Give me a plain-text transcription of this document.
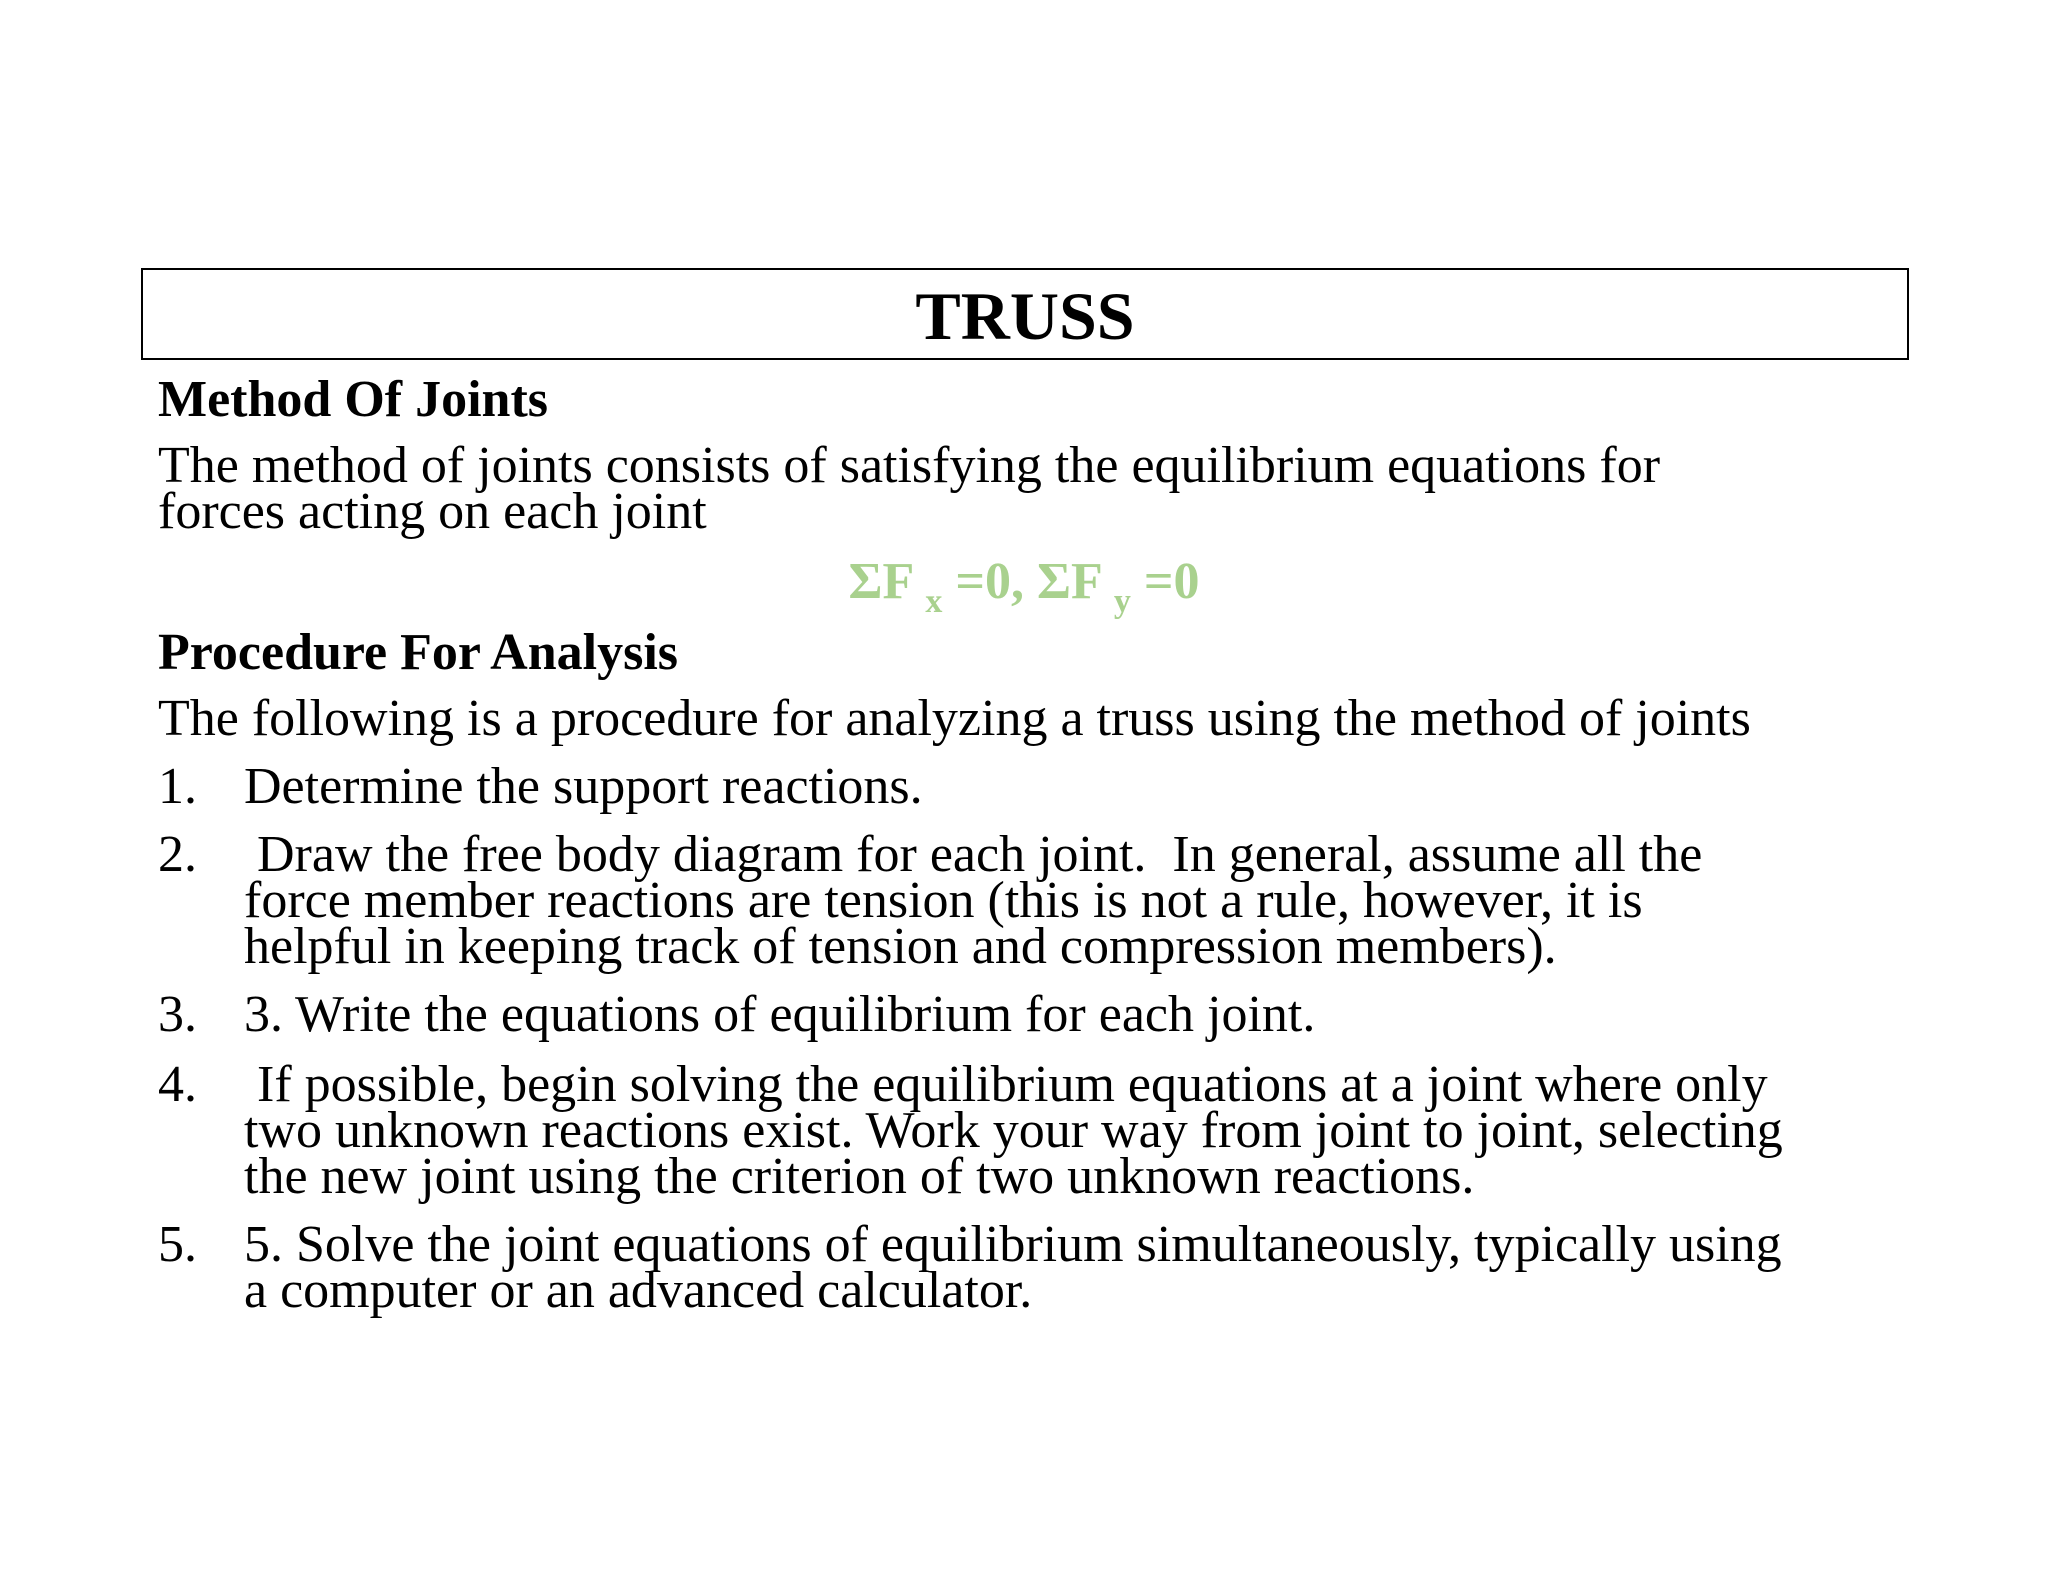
TRUSS
Method Of Joints
The method of joints consists of satisfying the equilibrium equations for
forces acting on each joint
ΣF $_x$ =0, ΣF $_y$ =0
Procedure For Analysis
The following is a procedure for analyzing a truss using the method of joints
1. Determine the support reactions.
2. Draw the free body diagram for each joint.  In general, assume all the
force member reactions are tension (this is not a rule, however, it is
helpful in keeping track of tension and compression members).
3. 3. Write the equations of equilibrium for each joint.
4. If possible, begin solving the equilibrium equations at a joint where only
two unknown reactions exist. Work your way from joint to joint, selecting
the new joint using the criterion of two unknown reactions.
5. 5. Solve the joint equations of equilibrium simultaneously, typically using
a computer or an advanced calculator.
